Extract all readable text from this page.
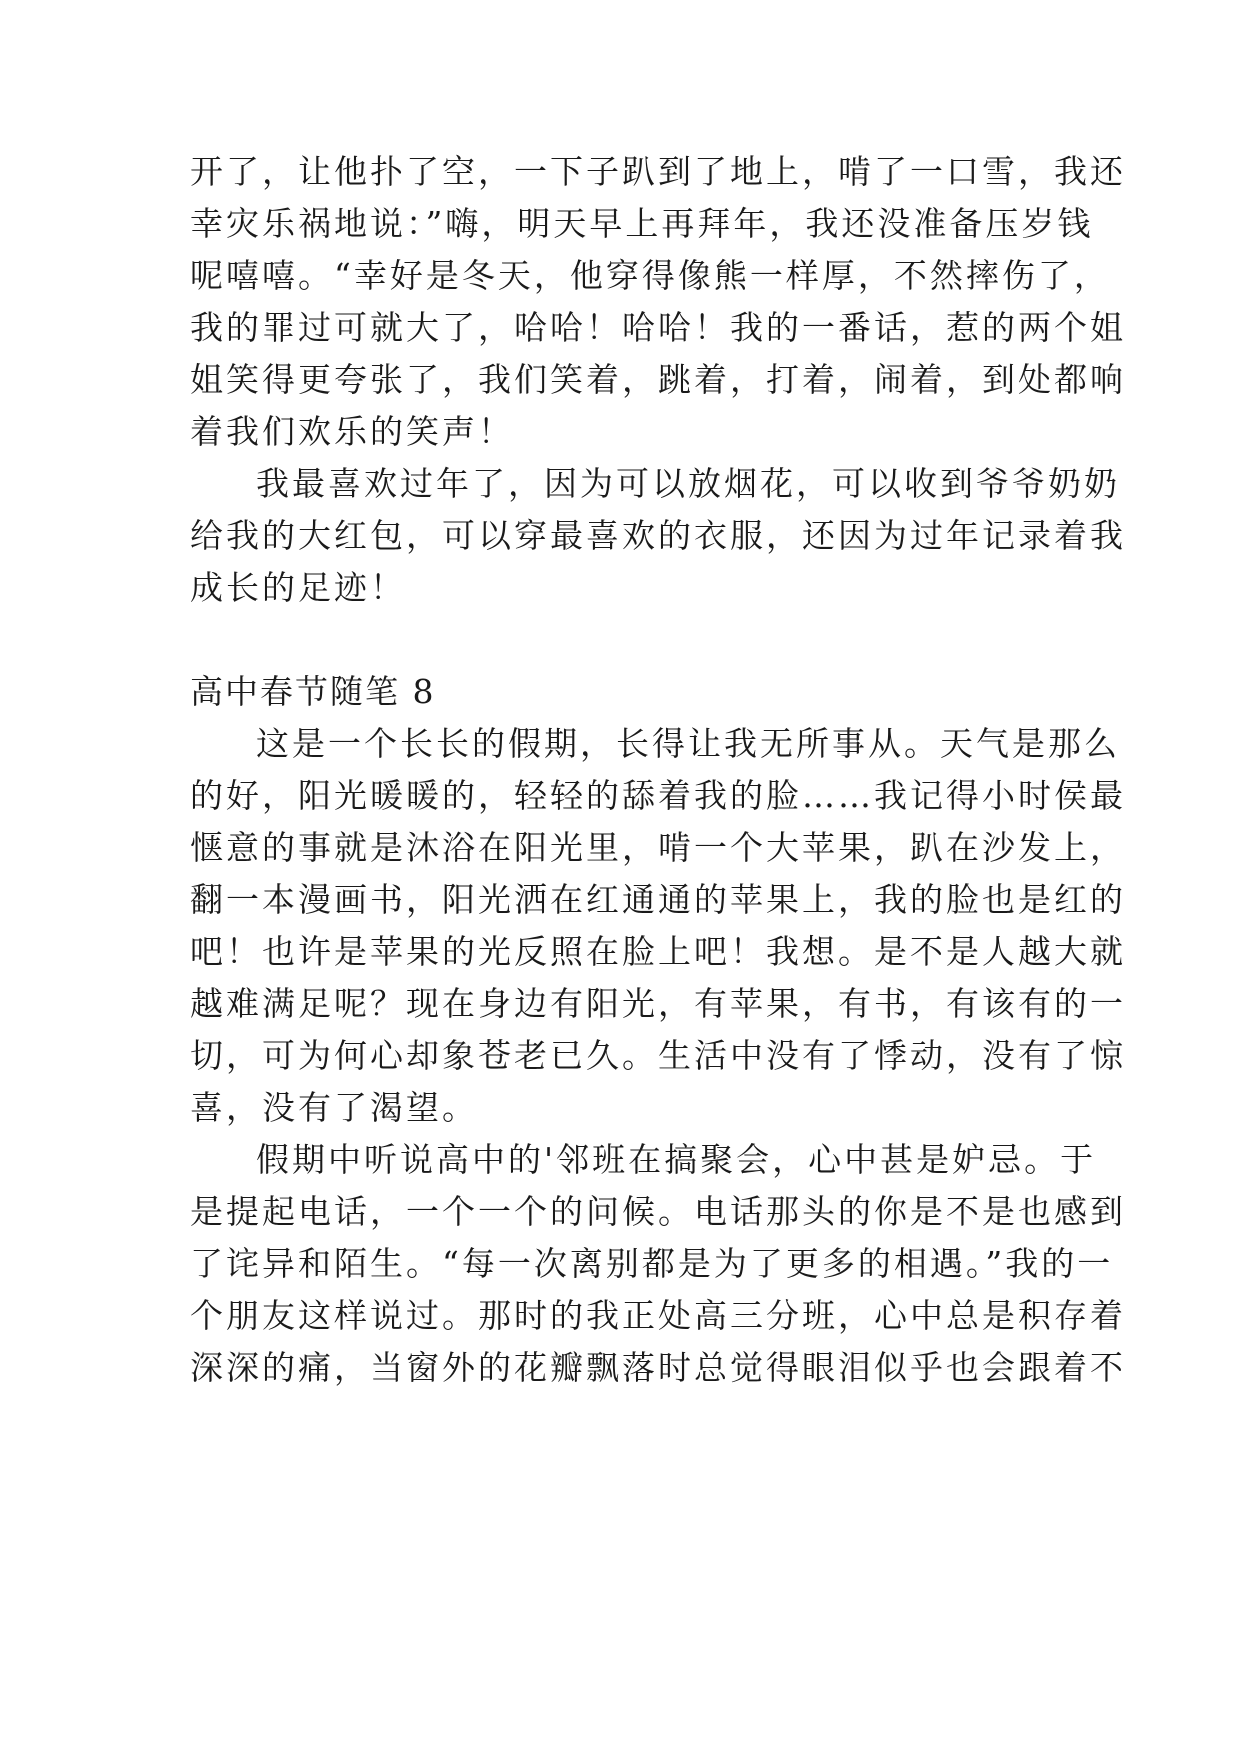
开了，让他扑了空，一下子趴到了地上，啃了一口雪，我还

幸灾乐祸地说：”嗨，明天早上再拜年，我还没准备压岁钱

呢嘻嘻。“幸好是冬天，他穿得像熊一样厚，不然摔伤了，

我的罪过可就大了，哈哈！哈哈！我的一番话，惹的两个姐

姐笑得更夸张了，我们笑着，跳着，打着，闹着，到处都响

着我们欢乐的笑声！

我最喜欢过年了，因为可以放烟花，可以收到爷爷奶奶

给我的大红包，可以穿最喜欢的衣服，还因为过年记录着我

成长的足迹！

高中春节随笔 8

这是一个长长的假期，长得让我无所事从。天气是那么

的好，阳光暖暖的，轻轻的舔着我的脸……我记得小时侯最

惬意的事就是沐浴在阳光里，啃一个大苹果，趴在沙发上，

翻一本漫画书，阳光洒在红通通的苹果上，我的脸也是红的

吧！也许是苹果的光反照在脸上吧！我想。是不是人越大就

越难满足呢？现在身边有阳光，有苹果，有书，有该有的一

切，可为何心却象苍老已久。生活中没有了悸动，没有了惊

喜，没有了渴望。

假期中听说高中的'邻班在搞聚会，心中甚是妒忌。于

是提起电话，一个一个的问候。电话那头的你是不是也感到

了诧异和陌生。“每一次离别都是为了更多的相遇。”我的一

个朋友这样说过。那时的我正处高三分班，心中总是积存着

深深的痛，当窗外的花瓣飘落时总觉得眼泪似乎也会跟着不
